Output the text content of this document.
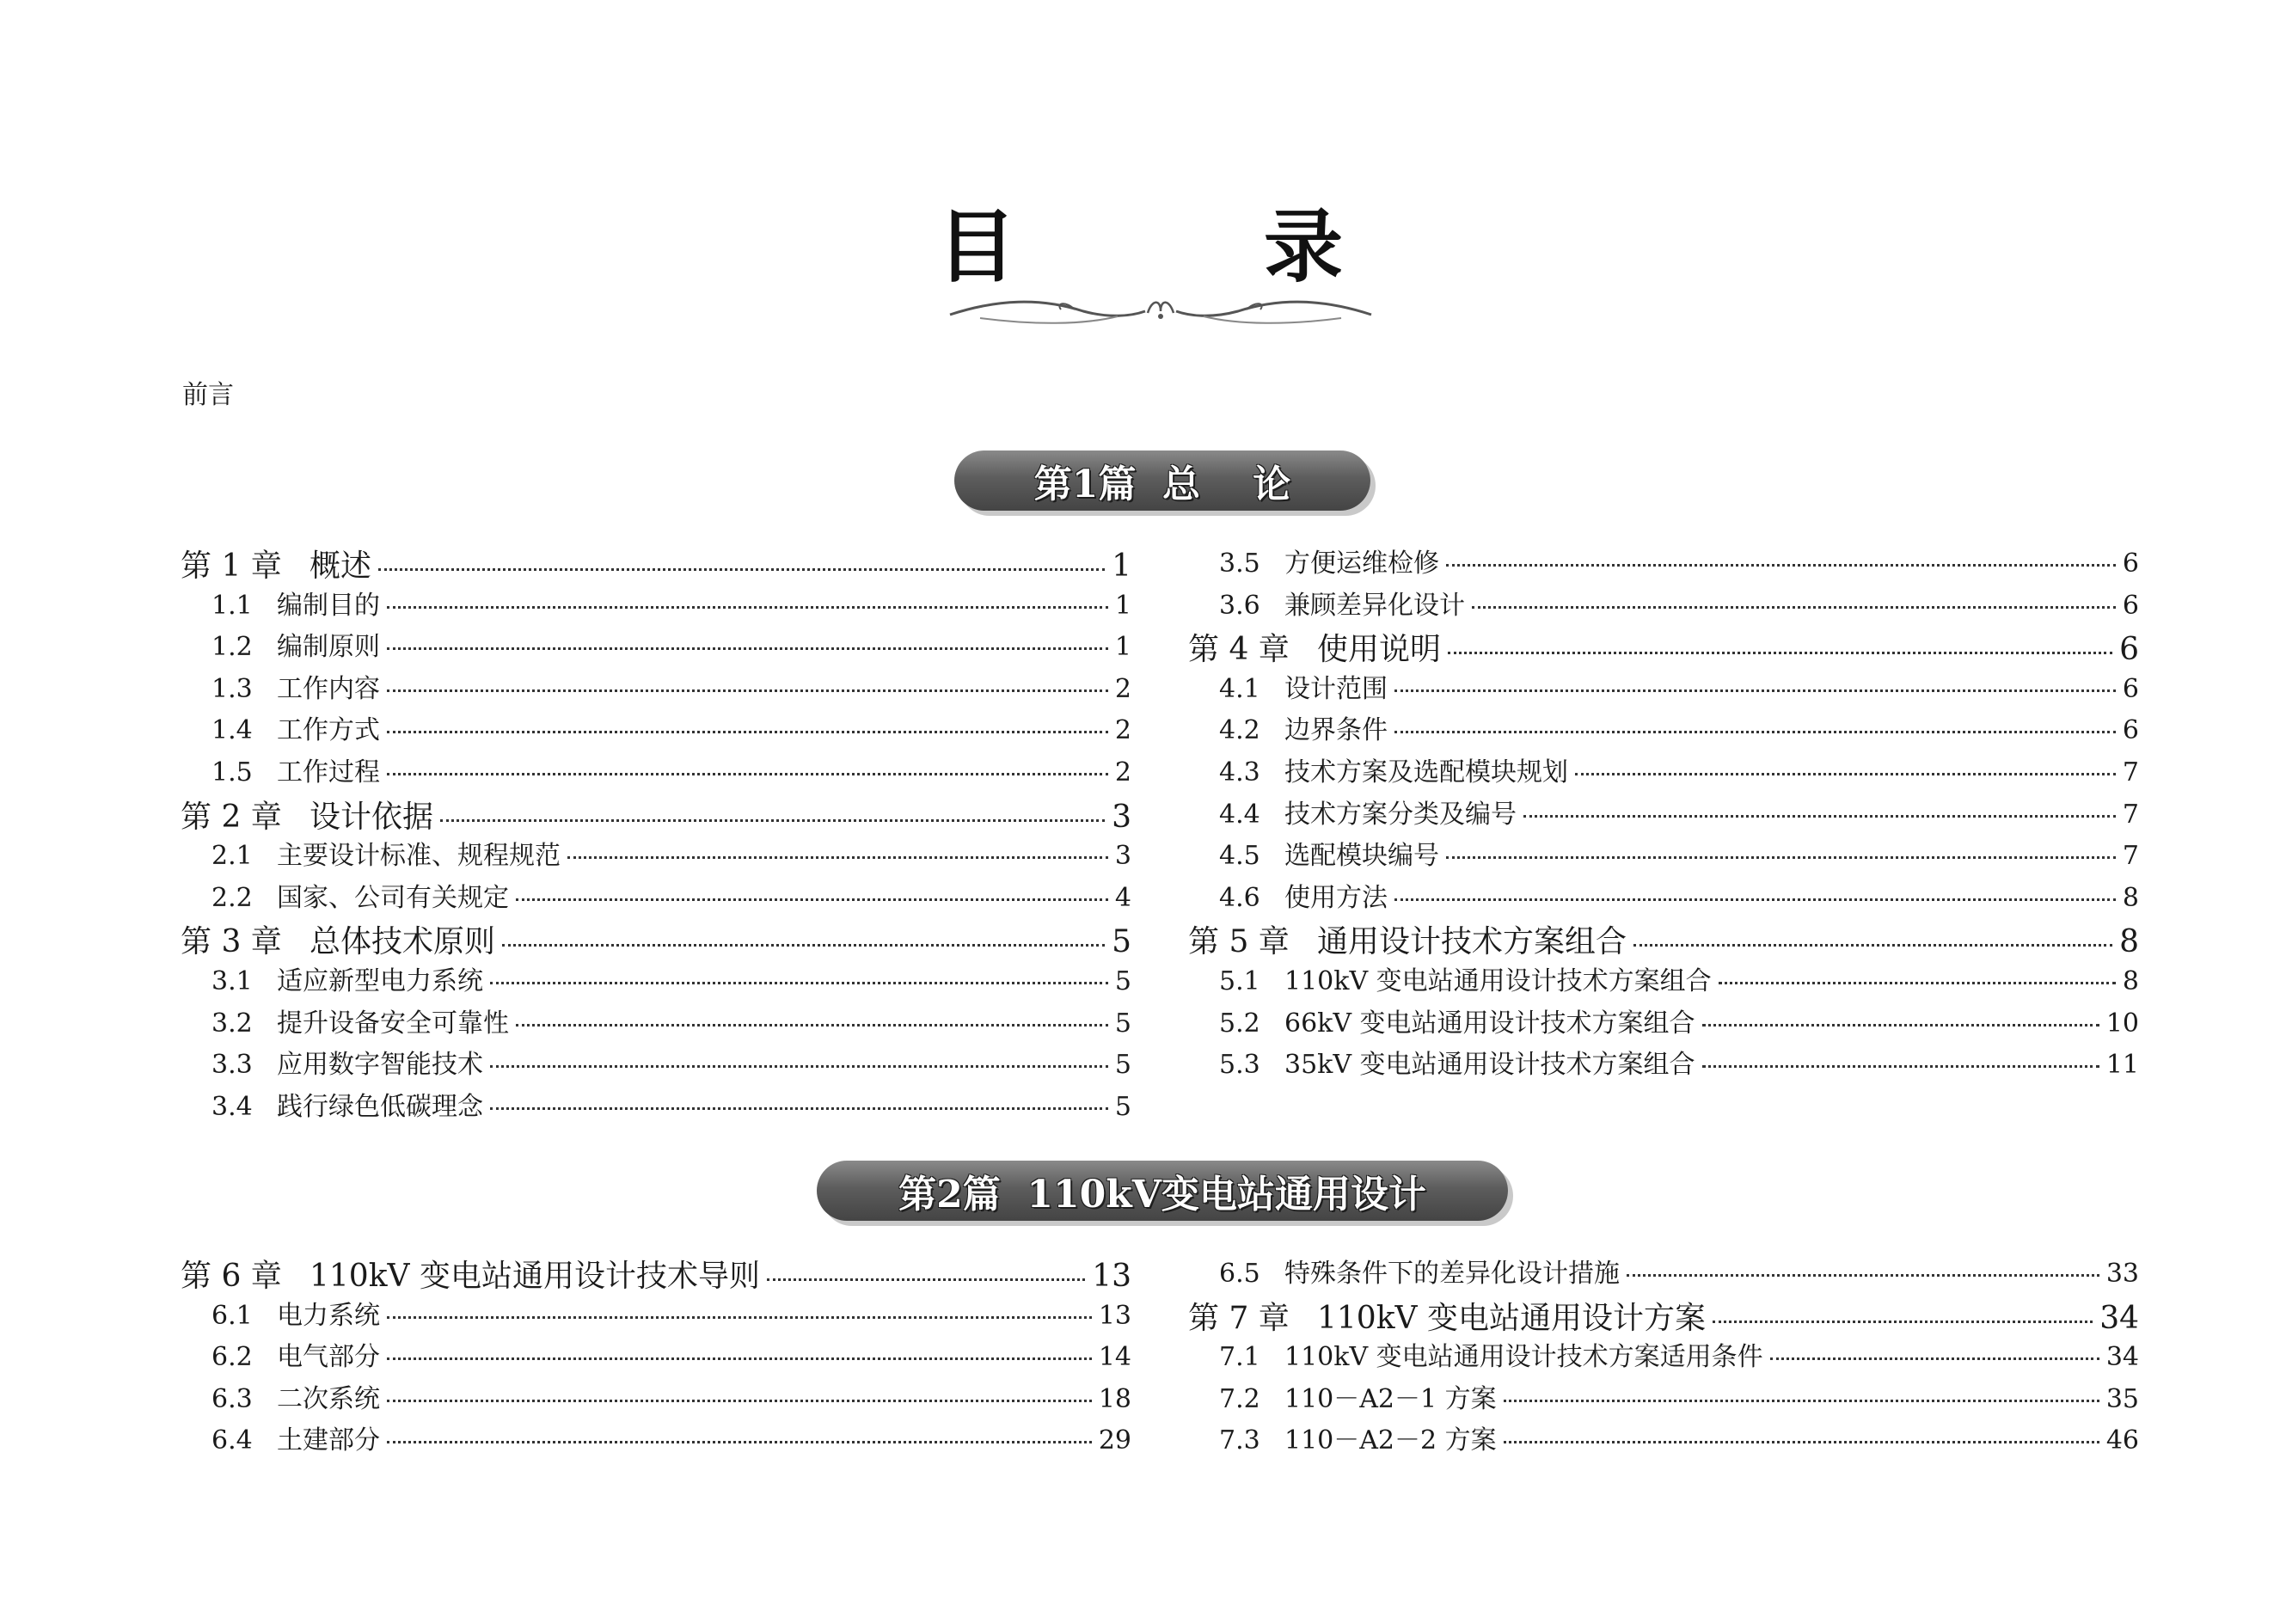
目 录
前言
第1篇  总    论
第2篇  110kV变电站通用设计
第 1 章 概述	1
1.1 编制目的	1
1.2 编制原则	1
1.3 工作内容	2
1.4 工作方式	2
1.5 工作过程	2
第 2 章 设计依据	3
2.1 主要设计标准、规程规范	3
2.2 国家、公司有关规定	4
第 3 章 总体技术原则	5
3.1 适应新型电力系统	5
3.2 提升设备安全可靠性	5
3.3 应用数字智能技术	5
3.4 践行绿色低碳理念	5
3.5 方便运维检修	6
3.6 兼顾差异化设计	6
第 4 章 使用说明	6
4.1 设计范围	6
4.2 边界条件	6
4.3 技术方案及选配模块规划	7
4.4 技术方案分类及编号	7
4.5 选配模块编号	7
4.6 使用方法	8
第 5 章 通用设计技术方案组合	8
5.1 110kV 变电站通用设计技术方案组合	8
5.2 66kV 变电站通用设计技术方案组合	10
5.3 35kV 变电站通用设计技术方案组合	11
第 6 章 110kV 变电站通用设计技术导则	13
6.1 电力系统	13
6.2 电气部分	14
6.3 二次系统	18
6.4 土建部分	29
6.5 特殊条件下的差异化设计措施	33
第 7 章 110kV 变电站通用设计方案	34
7.1 110kV 变电站通用设计技术方案适用条件	34
7.2 110－A2－1 方案	35
7.3 110－A2－2 方案	46
